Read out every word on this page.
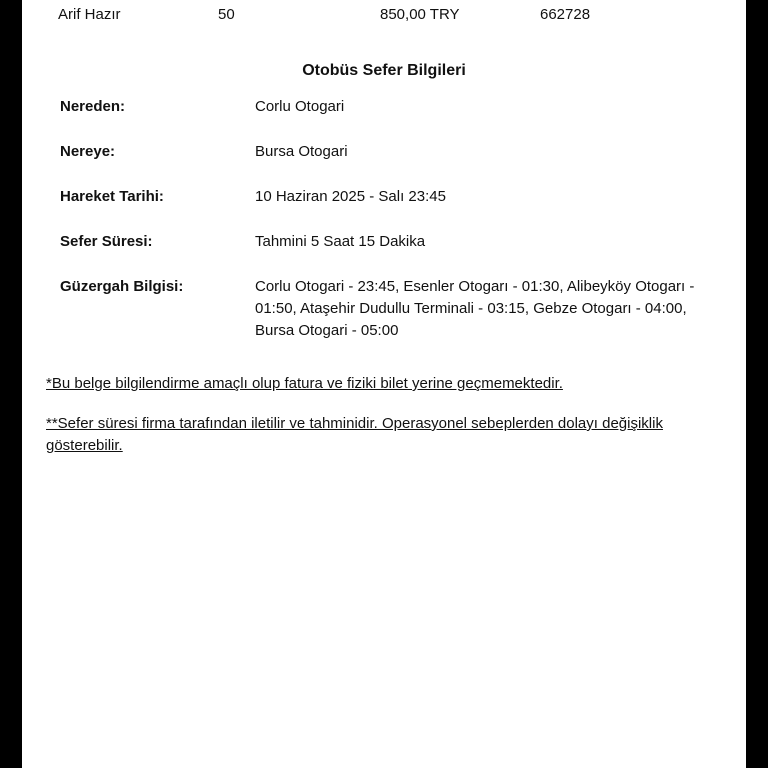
Arif Hazır	50	850,00 TRY	662728
Otobüs Sefer Bilgileri
Nereden:	Corlu Otogari
Nereye:	Bursa Otogari
Hareket Tarihi:	10 Haziran 2025 - Salı 23:45
Sefer Süresi:	Tahmini 5 Saat 15 Dakika
Güzergah Bilgisi:	Corlu Otogari - 23:45, Esenler Otogarı - 01:30, Alibeyköy Otogarı - 01:50, Ataşehir Dudullu Terminali - 03:15, Gebze Otogarı - 04:00, Bursa Otogari - 05:00
*Bu belge bilgilendirme amaçlı olup fatura ve fiziki bilet yerine geçmemektedir.
**Sefer süresi firma tarafından iletilir ve tahminidir. Operasyonel sebeplerden dolayı değişiklik gösterebilir.
